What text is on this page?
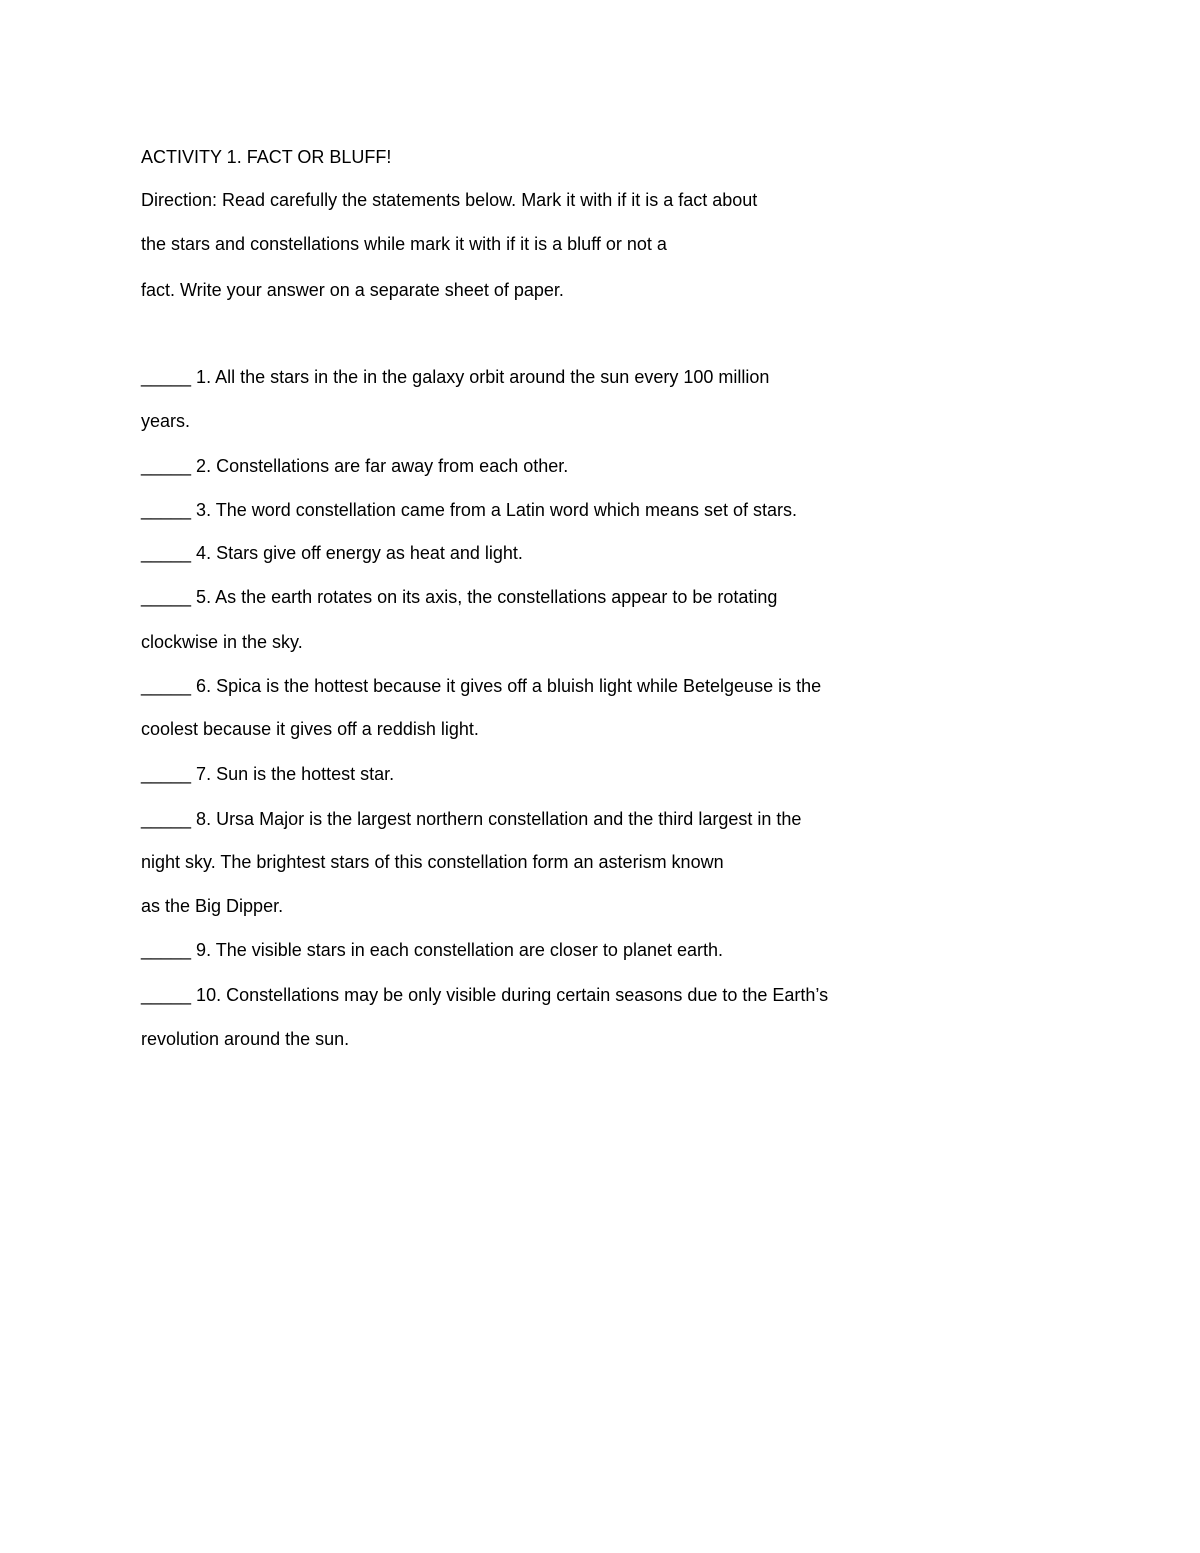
ACTIVITY 1. FACT OR BLUFF!

Direction: Read carefully the statements below. Mark it with if it is a fact about

the stars and constellations while mark it with if it is a bluff or not a

fact. Write your answer on a separate sheet of paper.

_____ 1. All the stars in the in the galaxy orbit around the sun every 100 million

years.

_____ 2. Constellations are far away from each other.

_____ 3. The word constellation came from a Latin word which means set of stars.

_____ 4. Stars give off energy as heat and light.

_____ 5. As the earth rotates on its axis, the constellations appear to be rotating

clockwise in the sky.

_____ 6. Spica is the hottest because it gives off a bluish light while Betelgeuse is the

coolest because it gives off a reddish light.

_____ 7. Sun is the hottest star.

_____ 8. Ursa Major is the largest northern constellation and the third largest in the

night sky. The brightest stars of this constellation form an asterism known

as the Big Dipper.

_____ 9. The visible stars in each constellation are closer to planet earth.

_____ 10. Constellations may be only visible during certain seasons due to the Earth’s

revolution around the sun.
